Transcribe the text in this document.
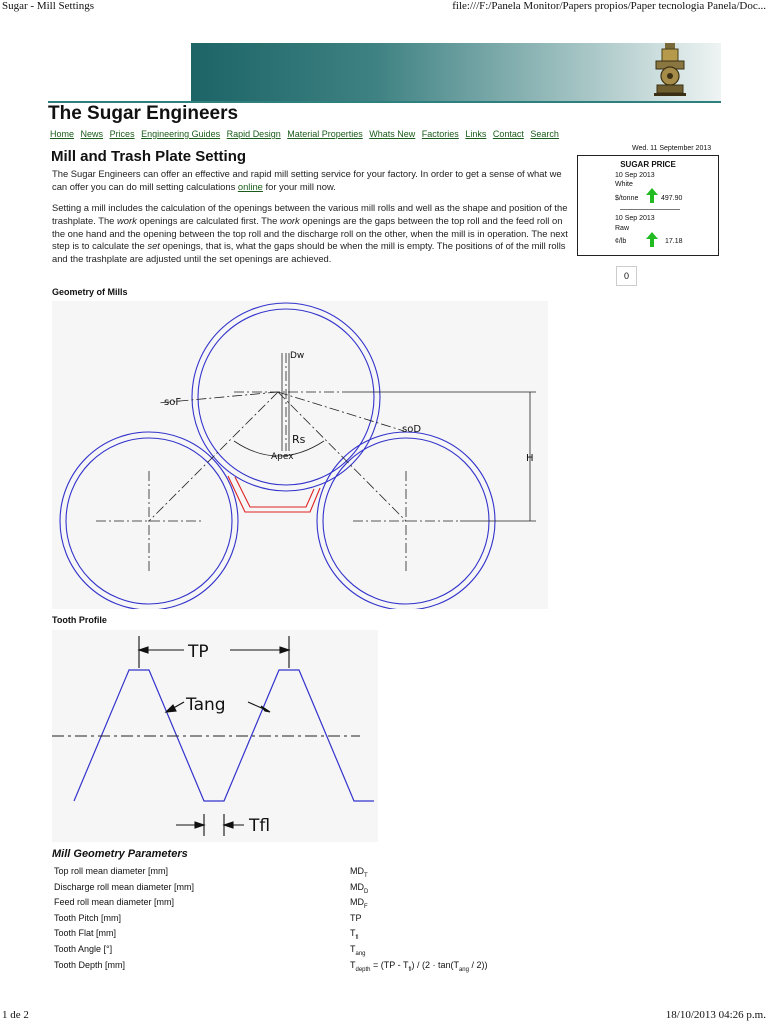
Sugar - Mill Settings	file:///F:/Panela Monitor/Papers propios/Paper tecnologia Panela/Doc...
The Sugar Engineers
Home News Prices Engineering Guides Rapid Design Material Properties Whats New Factories Links Contact Search
Wed. 11 September 2013
SUGAR PRICE
10 Sep 2013
White
$/tonne	497.90
10 Sep 2013
Raw
¢/lb	17.18
0
Mill and Trash Plate Setting
The Sugar Engineers can offer an effective and rapid mill setting service for your factory. In order to get a sense of what we can offer you can do mill setting calculations online for your mill now.
Setting a mill includes the calculation of the openings between the various mill rolls and well as the shape and position of the trashplate. The work openings are calculated first. The work openings are the gaps between the top roll and the feed roll on the one hand and the opening between the top roll and the discharge roll on the other, when the mill is in operation. The next step is to calculate the set openings, that is, what the gaps should be when the mill is empty. The positions of of the mill rolls and the trashplate are adjusted until the set openings are achieved.
Geometry of Mills
Dw
soF
Rs
Apex
soD
H
Tooth Profile
TP
Tang
Tfl
Mill Geometry Parameters
Top roll mean diameter [mm]	$MD_T$
Discharge roll mean diameter [mm]	$MD_D$
Feed roll mean diameter [mm]	$MD_F$
Tooth Pitch [mm]	TP
Tooth Flat [mm]	$T_{fl}$
Tooth Angle [°]	$T_{ang}$
Tooth Depth [mm]	$T_{depth} = (TP - T_{fl}) / (2 \cdot \tan(T_{ang} / 2))$
1 de 2	18/10/2013 04:26 p.m.
